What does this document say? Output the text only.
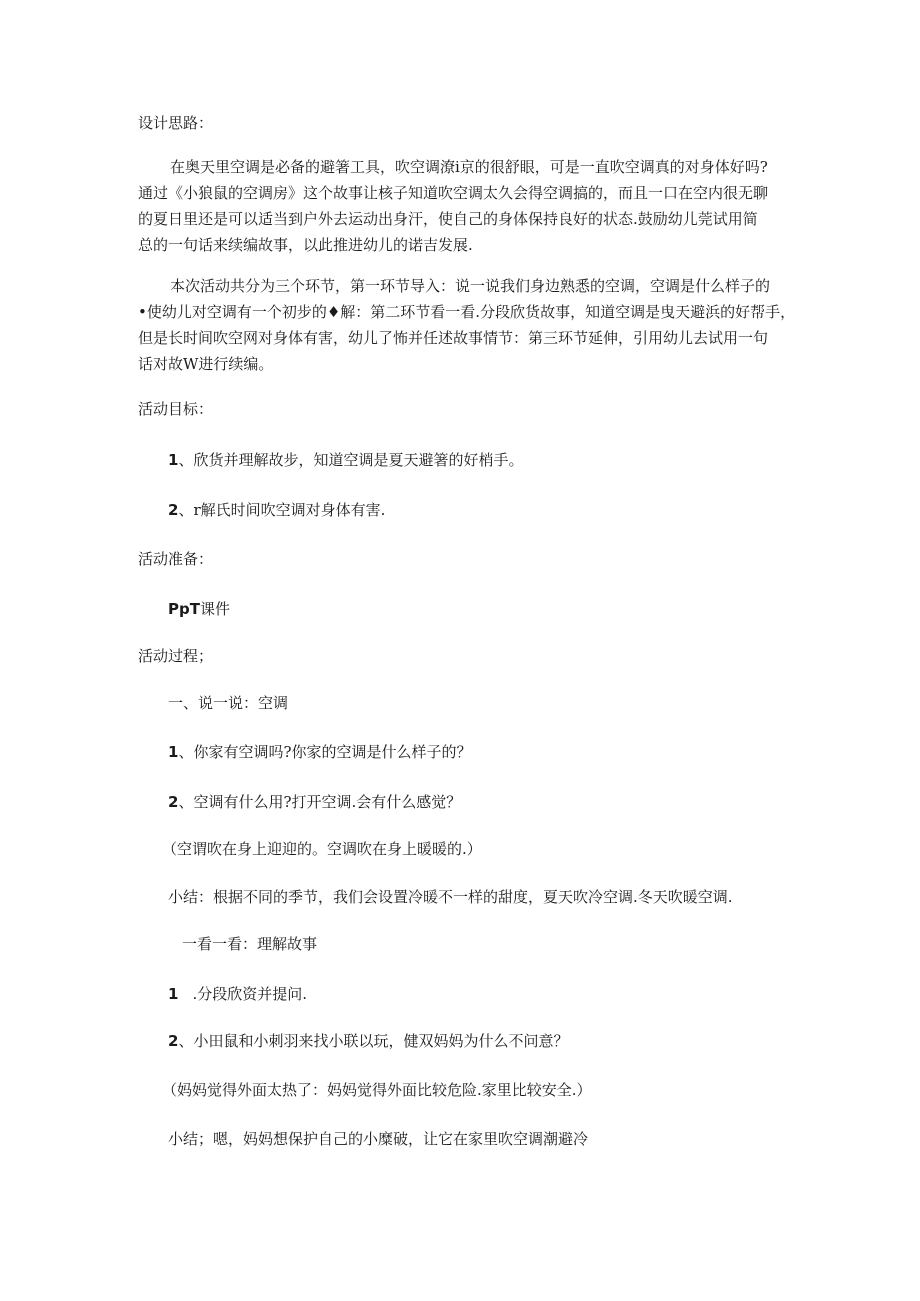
设计思路：
在奥天里空调是必备的避箸工具，吹空调潦i京的很舒眼，可是一直吹空调真的对身体好吗?
通过《小狼鼠的空调房》这个故事让核子知道吹空调太久会得空调搞的，而且一口在空内很无聊
的夏日里还是可以适当到户外去运动出身汗，使自己的身体保持良好的状态.鼓励幼儿莞试用简
总的一句话来续编故事，以此推进幼儿的诺吉发展.
本次活动共分为三个环节，第一环节导入：说一说我们身边熟悉的空调，空调是什么样子的
•使幼儿对空调有一个初步的♦解：第二环节看一看.分段欣货故事，知道空调是曳天避浜的好帮手，
但是长时间吹空网对身体有害，幼儿了怖并任述故事情节：第三环节延伸，引用幼儿去试用一句
话对故W进行续编。
活动目标：
1、欣货并理解故步，知道空调是夏天避箸的好梢手。
2、r解氏时间吹空调对身体有害.
活动准备：
PpT课件
活动过程；
一、说一说：空调
1、你家有空调吗?你家的空调是什么样子的？
2、空调有什么用?打开空调.会有什么感觉？
（空谓吹在身上迎迎的。空调吹在身上暖暖的.）
小结：根据不同的季节，我们会设置冷暖不一样的甜度，夏天吹冷空调.冬天吹暖空调.
一看一看：理解故事
1 .分段欣资并提问.
2、小田鼠和小刺羽来找小联以玩，健双妈妈为什么不问意？
（妈妈觉得外面太热了：妈妈觉得外面比较危险.家里比较安全.）
小结；嗯，妈妈想保护自己的小糜破，让它在家里吹空调潮避冷
